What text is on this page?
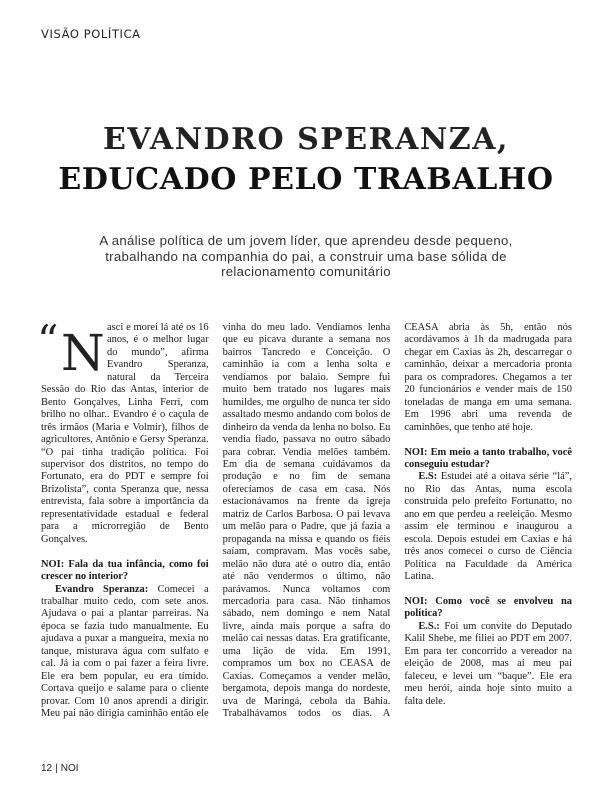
VISÃO POLÍTICA
EVANDRO SPERANZA,
EDUCADO PELO TRABALHO
A análise política de um jovem líder, que aprendeu desde pequeno, trabalhando na companhia do pai, a construir uma base sólida de relacionamento comunitário

“ N asci e morei lá até os 16 anos, é o melhor lugar do mundo”, afirma Evandro Speranza, natural da Terceira Sessão do Rio das Antas, interior de Bento Gonçalves, Linha Ferri, com brilho no olhar.. Evandro é o caçula de três irmãos (Maria e Volmir), filhos de agricultores, Antônio e Gersy Speranza. “O pai tinha tradição política. Foi supervisor dos distritos, no tempo do Fortunato, era do PDT e sempre foi Brizolista”, conta Speranza que, nessa entrevista, fala sobre a importância da representatividade estadual e federal para a microrregião de Bento Gonçalves.

NOI: Fala da tua infância, como foi crescer no interior?

Evandro Speranza: Comecei a trabalhar muito cedo, com sete anos. Ajudava o pai a plantar parreiras. Na época se fazia tudo manualmente. Eu ajudava a puxar a mangueira, mexia no tanque, misturava água com sulfato e cal. Já ia com o pai fazer a feira livre. Ele era bem popular, eu era tímido. Cortava queijo e salame para o cliente provar. Com 10 anos aprendi a dirigir. Meu pai não dirigia caminhão então ele vinha do meu lado. Vendíamos lenha que eu picava durante a semana nos bairros Tancredo e Conceição. O caminhão ia com a lenha solta e vendíamos por balaio. Sempre fui muito bem tratado nos lugares mais humildes, me orgulho de nunca ter sido assaltado mesmo andando com bolos de dinheiro da venda da lenha no bolso. Eu vendia fiado, passava no outro sábado para cobrar. Vendia melões também. Em dia de semana cuidávamos da produção e no fim de semana oferecíamos de casa em casa. Nós estacionávamos na frente da igreja matriz de Carlos Barbosa. O pai levava um melão para o Padre, que já fazia a propaganda na missa e quando os fiéis saíam, compravam. Mas vocês sabe, melão não dura até o outro dia, então até não vendermos o último, não parávamos. Nunca voltamos com mercadoria para casa. Não tínhamos sábado, nem domingo e nem Natal livre, ainda mais porque a safra do melão cai nessas datas. Era gratificante, uma lição de vida. Em 1991, compramos um box no CEASA de Caxias. Começamos a vender melão, bergamota, depois manga do nordeste, uva de Maringá, cebola da Bahia. Trabalhávamos todos os dias. A CEASA abria às 5h, então nós acordávamos à 1h da madrugada para chegar em Caxias às 2h, descarregar o caminhão, deixar a mercadoria pronta para os compradores. Chegamos a ter 20 funcionários e vender mais de 150 toneladas de manga em uma semana. Em 1996 abri uma revenda de caminhões, que tenho até hoje.

NOI: Em meio a tanto trabalho, você conseguiu estudar?

E.S: Estudei até a oitava série “lá”, no Rio das Antas, numa escola construída pelo prefeito Fortunatto, no ano em que perdeu a reeleição. Mesmo assim ele terminou e inaugurou a escola. Depois estudei em Caxias e há três anos comecei o curso de Ciência Política na Faculdade da América Latina.

NOI: Como você se envolveu na política?

E.S.: Foi um convite do Deputado Kalil Shebe, me filiei ao PDT em 2007. Em para ter concorrido a vereador na eleição de 2008, mas aí meu pai faleceu, e levei um “baque”. Ele era meu herói, ainda hoje sinto muito a falta dele.

12 | NOI
